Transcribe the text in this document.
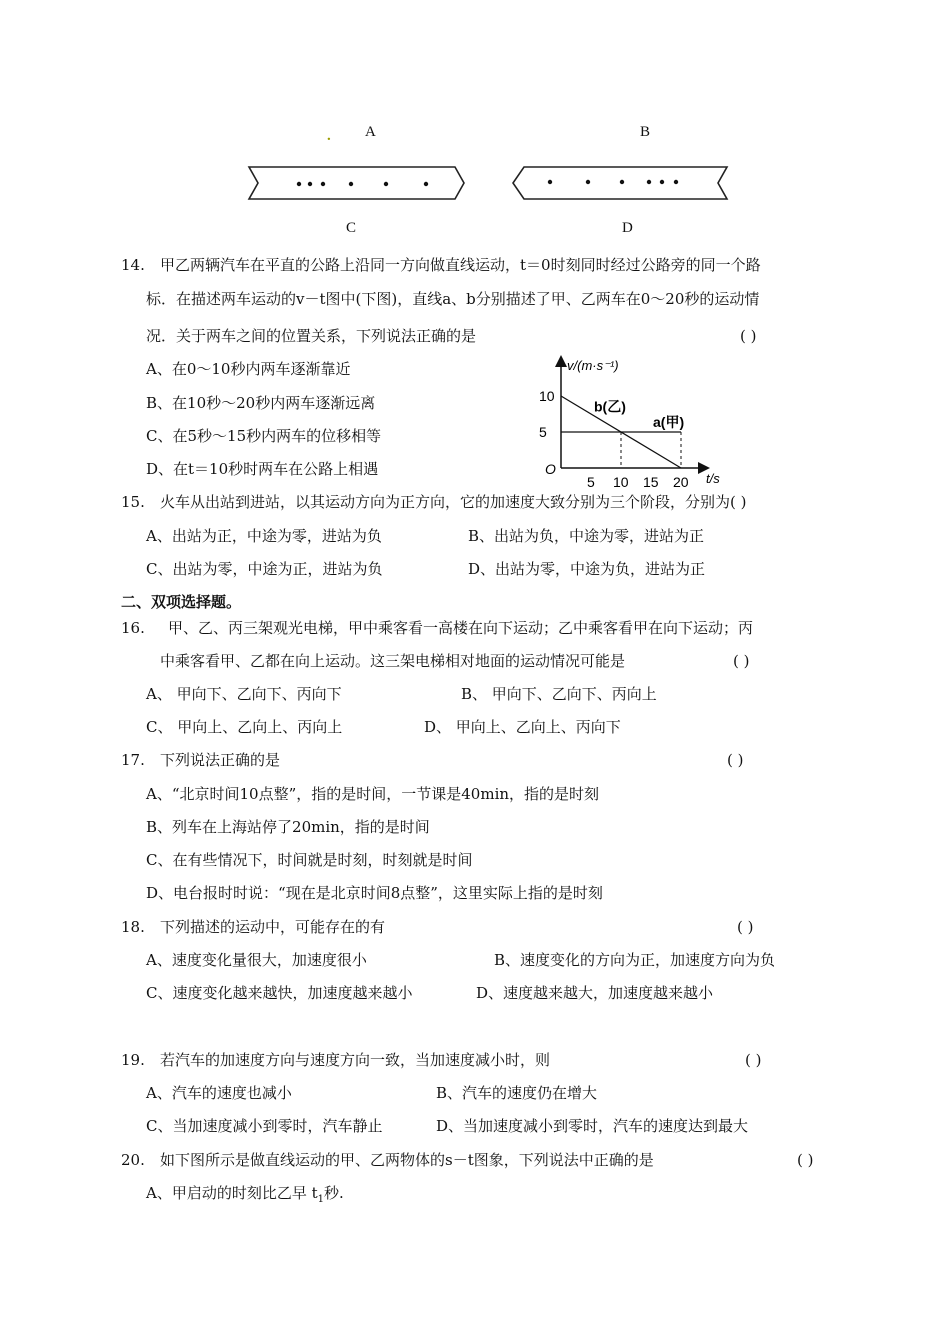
. A	B
C	D
14. 甲乙两辆汽车在平直的公路上沿同一方向做直线运动，t＝0时刻同时经过公路旁的同一个路
标．在描述两车运动的v－t图中(下图)，直线a、b分别描述了甲、乙两车在0～20秒的运动情
况．关于两车之间的位置关系，下列说法正确的是	( )
A、在0～10秒内两车逐渐靠近
B、在10秒～20秒内两车逐渐远离
C、在5秒～15秒内两车的位移相等
D、在t＝10秒时两车在公路上相遇
v/(m·s⁻¹)
t/s
O
5
10
5 10 15 20
b(乙)
a(甲)
15. 火车从出站到进站，以其运动方向为正方向，它的加速度大致分别为三个阶段，分别为( )
A、出站为正，中途为零，进站为负	B、出站为负，中途为零，进站为正
C、出站为零，中途为正，进站为负	D、出站为零，中途为负，进站为正
二、双项选择题。
16. 甲、乙、丙三架观光电梯，甲中乘客看一高楼在向下运动；乙中乘客看甲在向下运动；丙
中乘客看甲、乙都在向上运动。这三架电梯相对地面的运动情况可能是	( )
A、 甲向下、乙向下、丙向下	B、 甲向下、乙向下、丙向上
C、 甲向上、乙向上、丙向上	D、 甲向上、乙向上、丙向下
17. 下列说法正确的是	( )
A、“北京时间10点整”，指的是时间，一节课是40min，指的是时刻
B、列车在上海站停了20min，指的是时间
C、在有些情况下，时间就是时刻，时刻就是时间
D、电台报时时说：“现在是北京时间8点整”，这里实际上指的是时刻
18. 下列描述的运动中，可能存在的有	( )
A、速度变化量很大，加速度很小	B、速度变化的方向为正，加速度方向为负
C、速度变化越来越快，加速度越来越小	D、速度越来越大，加速度越来越小
19. 若汽车的加速度方向与速度方向一致，当加速度减小时，则	( )
A、汽车的速度也减小	B、汽车的速度仍在增大
C、当加速度减小到零时，汽车静止	D、当加速度减小到零时，汽车的速度达到最大
20. 如下图所示是做直线运动的甲、乙两物体的s－t图象，下列说法中正确的是	( )
A、甲启动的时刻比乙早 $t_1$秒.
